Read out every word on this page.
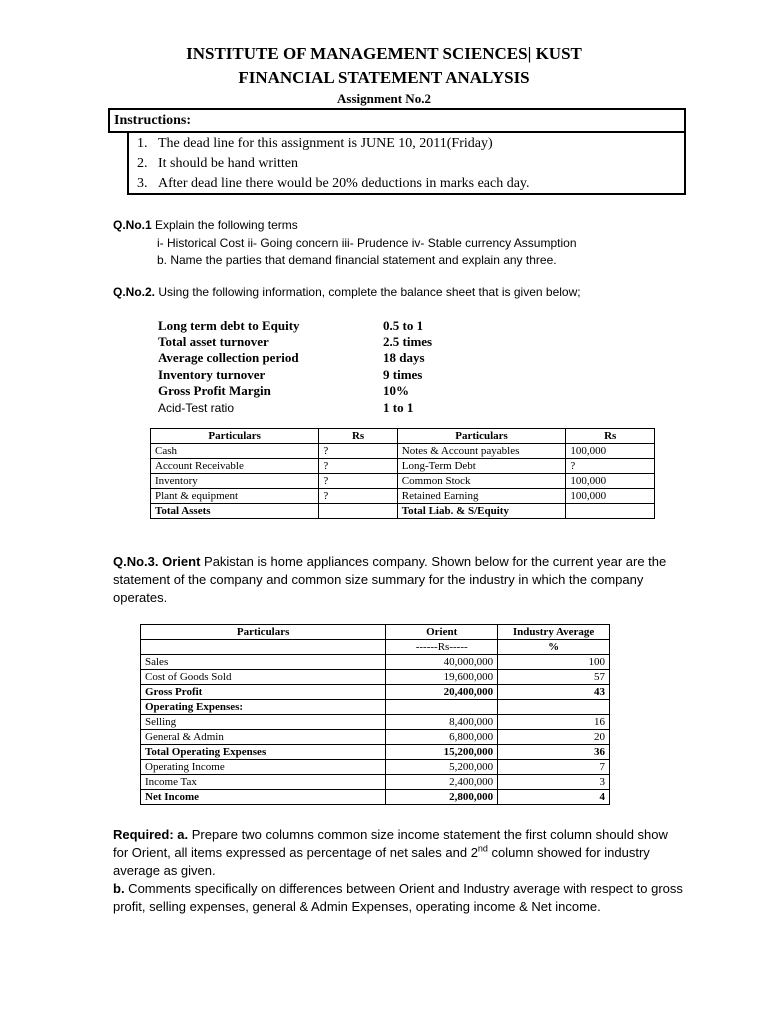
INSTITUTE OF MANAGEMENT SCIENCES| KUST
FINANCIAL STATEMENT ANALYSIS
Assignment No.2
Instructions:
1. The dead line for this assignment is JUNE 10, 2011(Friday)
2. It should be hand written
3. After dead line there would be 20% deductions in marks each day.
Q.No.1 Explain the following terms
i- Historical Cost ii- Going concern iii- Prudence iv- Stable currency Assumption
b. Name the parties that demand financial statement and explain any three.
Q.No.2. Using the following information, complete the balance sheet that is given below;
Long term debt to Equity	0.5 to 1
Total asset turnover	2.5 times
Average collection period	18 days
Inventory turnover	9 times
Gross Profit Margin	10%
Acid-Test ratio	1 to 1
Particulars	Rs	Particulars	Rs
Cash	?	Notes & Account payables	100,000
Account Receivable	?	Long-Term Debt	?
Inventory	?	Common Stock	100,000
Plant & equipment	?	Retained Earning	100,000
Total Assets		Total Liab. & S/Equity	
Q.No.3. Orient Pakistan is home appliances company. Shown below for the current year are the statement of the company and common size summary for the industry in which the company operates.
Particulars	Orient	Industry Average
	------Rs-----	%
Sales	40,000,000	100
Cost of Goods Sold	19,600,000	57
Gross Profit	20,400,000	43
Operating Expenses:		
Selling	8,400,000	16
General & Admin	6,800,000	20
Total Operating Expenses	15,200,000	36
Operating Income	5,200,000	7
Income Tax	2,400,000	3
Net Income	2,800,000	4
Required: a. Prepare two columns common size income statement the first column should show for Orient, all items expressed as percentage of net sales and 2nd column showed for industry average as given.
b. Comments specifically on differences between Orient and Industry average with respect to gross profit, selling expenses, general & Admin Expenses, operating income & Net income.
